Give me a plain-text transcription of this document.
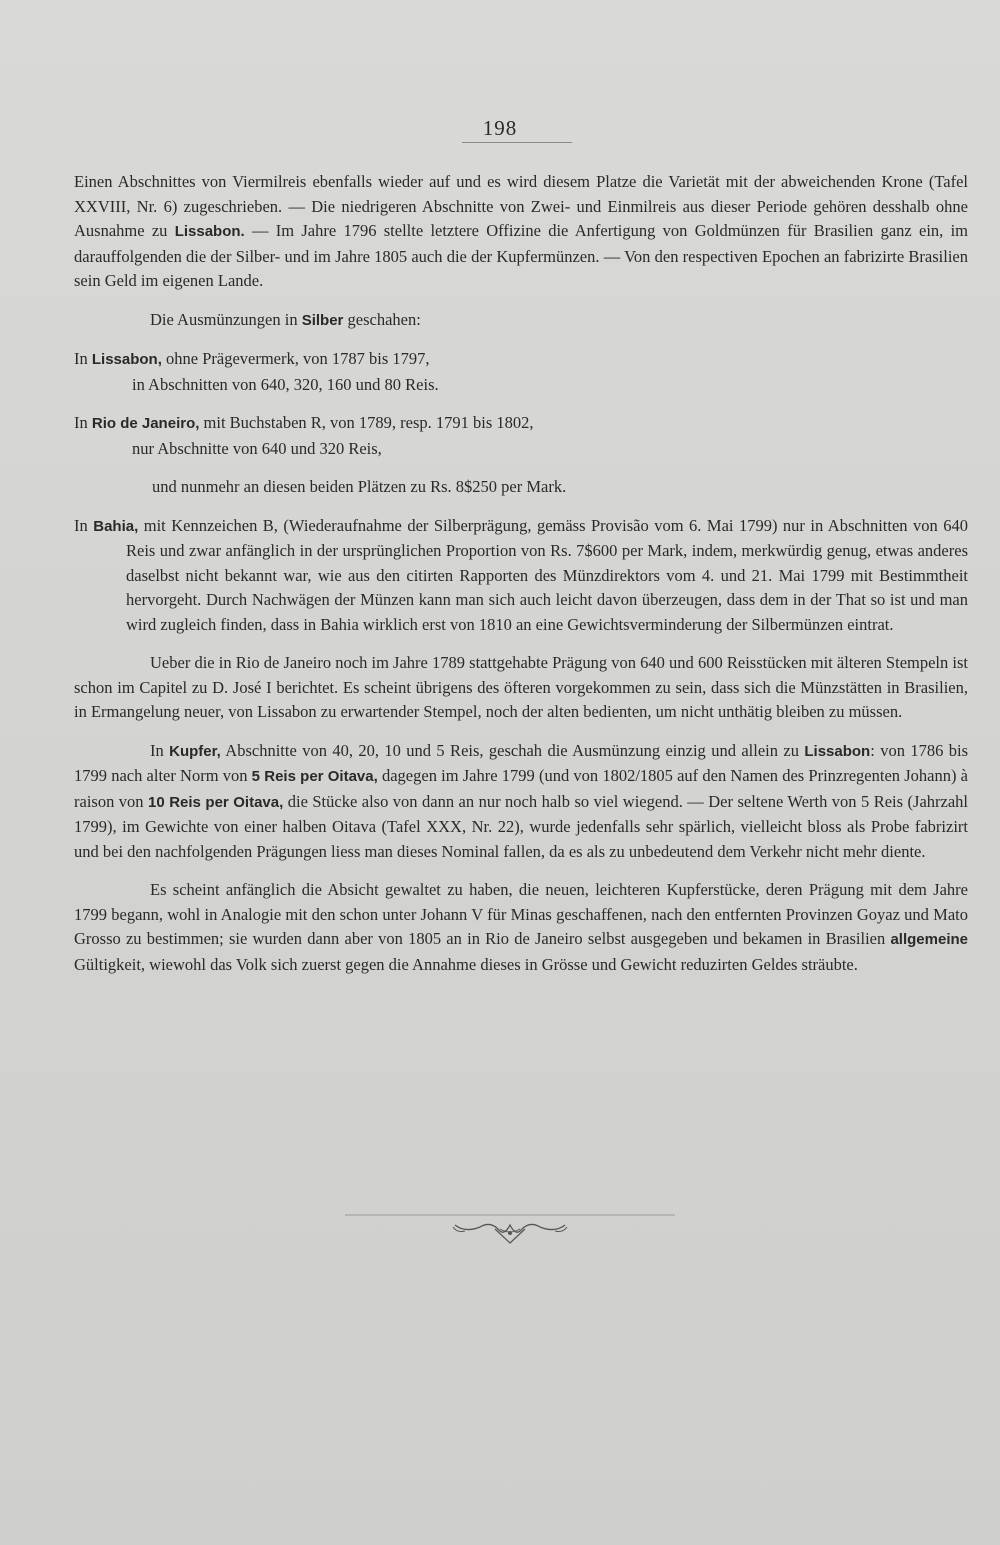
198

Einen Abschnittes von Viermilreis ebenfalls wieder auf und es wird diesem Platze die Varietät mit der abweichenden Krone (Tafel XXVIII, Nr. 6) zugeschrieben. — Die niedrigeren Abschnitte von Zwei- und Einmilreis aus dieser Periode gehören desshalb ohne Ausnahme zu Lissabon. — Im Jahre 1796 stellte letztere Offizine die Anfertigung von Goldmünzen für Brasilien ganz ein, im darauffolgenden die der Silber- und im Jahre 1805 auch die der Kupfermünzen. — Von den respectiven Epochen an fabrizirte Brasilien sein Geld im eigenen Lande.

Die Ausmünzungen in Silber geschahen:

In Lissabon, ohne Prägevermerk, von 1787 bis 1797,
in Abschnitten von 640, 320, 160 und 80 Reis.

In Rio de Janeiro, mit Buchstaben R, von 1789, resp. 1791 bis 1802,
nur Abschnitte von 640 und 320 Reis,

und nunmehr an diesen beiden Plätzen zu Rs. 8$250 per Mark.

In Bahia, mit Kennzeichen B, (Wiederaufnahme der Silberprägung, gemäss Provisão vom 6. Mai 1799) nur in Abschnitten von 640 Reis und zwar anfänglich in der ursprünglichen Proportion von Rs. 7$600 per Mark, indem, merkwürdig genug, etwas anderes daselbst nicht bekannt war, wie aus den citirten Rapporten des Münzdirektors vom 4. und 21. Mai 1799 mit Bestimmtheit hervorgeht. Durch Nachwägen der Münzen kann man sich auch leicht davon überzeugen, dass dem in der That so ist und man wird zugleich finden, dass in Bahia wirklich erst von 1810 an eine Gewichtsverminderung der Silbermünzen eintrat.

Ueber die in Rio de Janeiro noch im Jahre 1789 stattgehabte Prägung von 640 und 600 Reisstücken mit älteren Stempeln ist schon im Capitel zu D. José I berichtet. Es scheint übrigens des öfteren vorgekommen zu sein, dass sich die Münzstätten in Brasilien, in Ermangelung neuer, von Lissabon zu erwartender Stempel, noch der alten bedienten, um nicht unthätig bleiben zu müssen.

In Kupfer, Abschnitte von 40, 20, 10 und 5 Reis, geschah die Ausmünzung einzig und allein zu Lissabon: von 1786 bis 1799 nach alter Norm von 5 Reis per Oitava, dagegen im Jahre 1799 (und von 1802/1805 auf den Namen des Prinzregenten Johann) à raison von 10 Reis per Oitava, die Stücke also von dann an nur noch halb so viel wiegend. — Der seltene Werth von 5 Reis (Jahrzahl 1799), im Gewichte von einer halben Oitava (Tafel XXX, Nr. 22), wurde jedenfalls sehr spärlich, vielleicht bloss als Probe fabrizirt und bei den nachfolgenden Prägungen liess man dieses Nominal fallen, da es als zu unbedeutend dem Verkehr nicht mehr diente.

Es scheint anfänglich die Absicht gewaltet zu haben, die neuen, leichteren Kupferstücke, deren Prägung mit dem Jahre 1799 begann, wohl in Analogie mit den schon unter Johann V für Minas geschaffenen, nach den entfernten Provinzen Goyaz und Mato Grosso zu bestimmen; sie wurden dann aber von 1805 an in Rio de Janeiro selbst ausgegeben und bekamen in Brasilien allgemeine Gültigkeit, wiewohl das Volk sich zuerst gegen die Annahme dieses in Grösse und Gewicht reduzirten Geldes sträubte.
